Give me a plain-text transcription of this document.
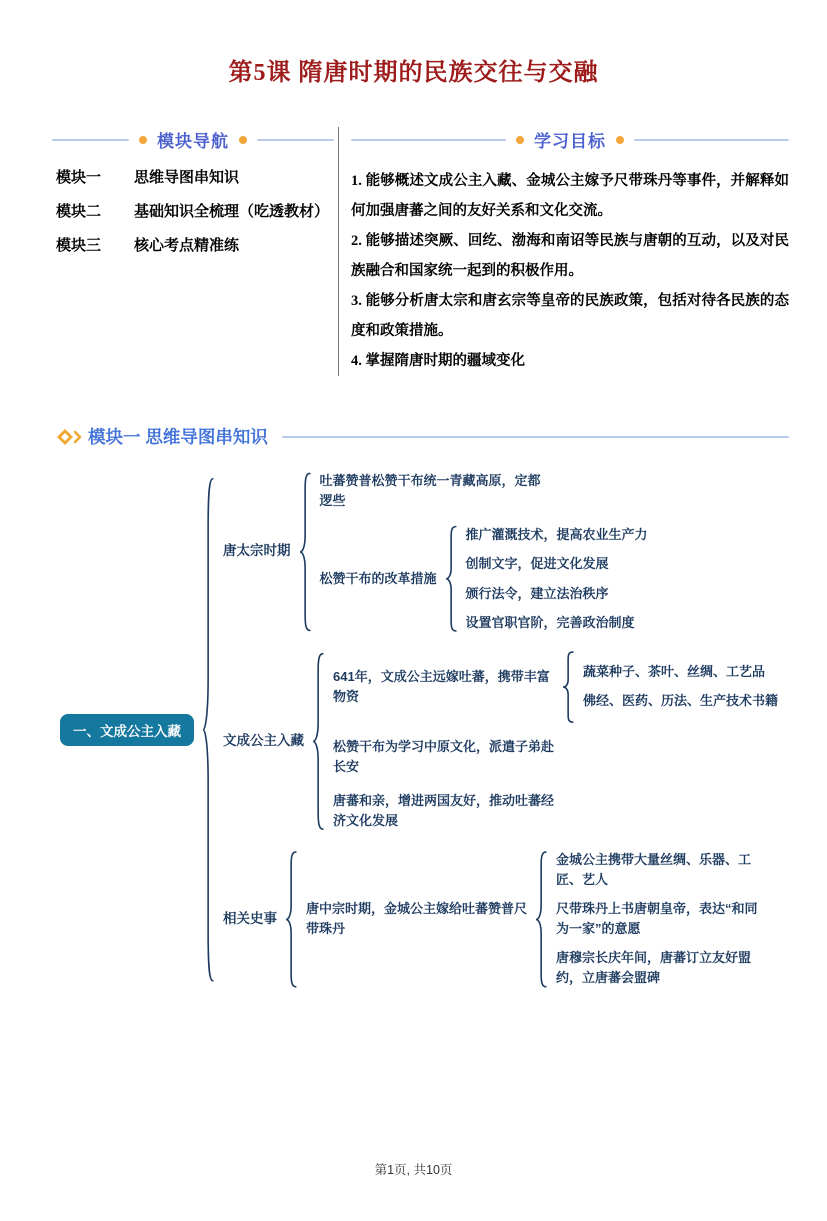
第5课 隋唐时期的民族交往与交融
模块导航
模块一	思维导图串知识
模块二	基础知识全梳理（吃透教材）
模块三	核心考点精准练
学习目标
1. 能够概述文成公主入藏、金城公主嫁予尺带珠丹等事件，并解释如何加强唐蕃之间的友好关系和文化交流。
2. 能够描述突厥、回纥、渤海和南诏等民族与唐朝的互动，以及对民族融合和国家统一起到的积极作用。
3. 能够分析唐太宗和唐玄宗等皇帝的民族政策，包括对待各民族的态度和政策措施。
4. 掌握隋唐时期的疆域变化
模块一 思维导图串知识
一、文成公主入藏
唐太宗时期
吐蕃赞普松赞干布统一青藏高原，定都逻些
松赞干布的改革措施
推广灌溉技术，提高农业生产力
创制文字，促进文化发展
颁行法令，建立法治秩序
设置官职官阶，完善政治制度
文成公主入藏
641年，文成公主远嫁吐蕃，携带丰富物资
蔬菜种子、茶叶、丝绸、工艺品
佛经、医药、历法、生产技术书籍
松赞干布为学习中原文化，派遣子弟赴长安
唐蕃和亲，增进两国友好，推动吐蕃经济文化发展
相关史事
唐中宗时期，金城公主嫁给吐蕃赞普尺带珠丹
金城公主携带大量丝绸、乐器、工匠、艺人
尺带珠丹上书唐朝皇帝，表达“和同为一家”的意愿
唐穆宗长庆年间，唐蕃订立友好盟约，立唐蕃会盟碑
第1页, 共10页
